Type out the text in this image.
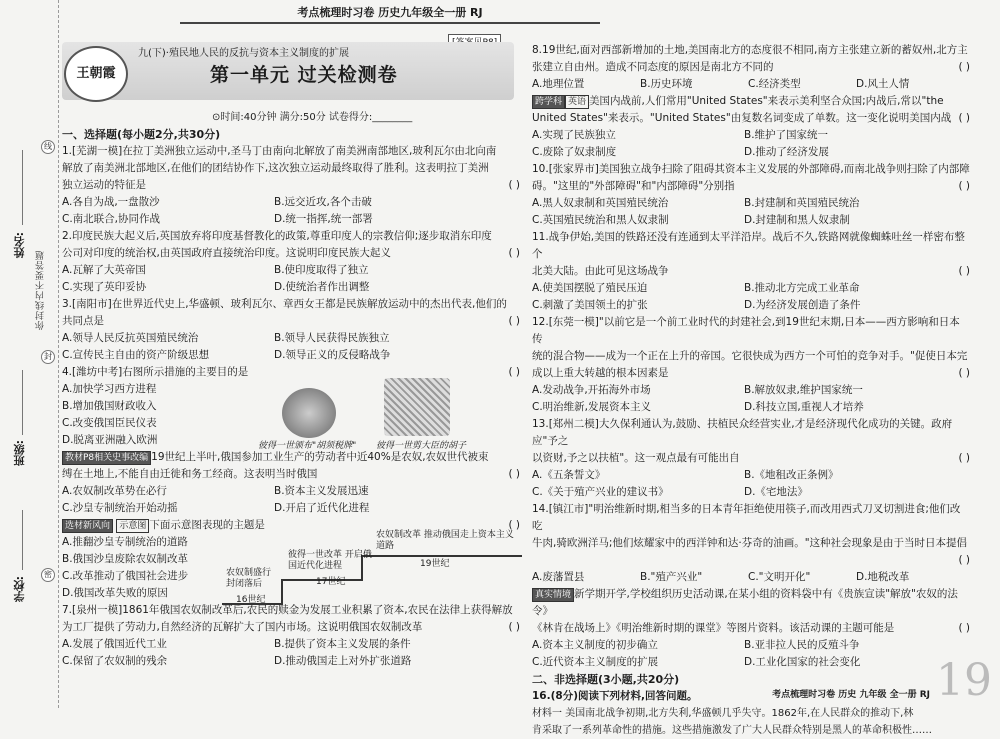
姓名:
班级:
学校:
你封线内不要答题
线
封
密
考点梳理时习卷 历史九年级全一册 RJ
王朝霞
九(下)·殖民地人民的反抗与资本主义制度的扩展
第一单元 过关检测卷
⊙时间:40分钟 满分:50分 试卷得分:________
一、选择题(每小题2分,共30分)
1.[芜湖一模]在拉丁美洲独立运动中,圣马丁由南向北解放了南美洲南部地区,玻利瓦尔由北向南
解放了南美洲北部地区,在他们的团结协作下,这次独立运动最终取得了胜利。这表明拉丁美洲
独立运动的特征是	( )
A.各自为战,一盘散沙	B.远交近攻,各个击破
C.南北联合,协同作战	D.统一指挥,统一部署
2.印度民族大起义后,英国放弃将印度基督教化的政策,尊重印度人的宗教信仰;逐步取消东印度
公司对印度的统治权,由英国政府直接统治印度。这说明印度民族大起义	( )
A.瓦解了大英帝国	B.使印度取得了独立
C.实现了英印妥协	D.使统治者作出调整
3.[南阳市]在世界近代史上,华盛顿、玻利瓦尔、章西女王都是民族解放运动中的杰出代表,他们的
共同点是	( )
A.领导人民反抗英国殖民统治	B.领导人民获得民族独立
C.宣传民主自由的资产阶级思想	D.领导正义的反侵略战争
4.[潍坊中考]右图所示措施的主要目的是	( )
A.加快学习西方进程
B.增加俄国财政收入
C.改变俄国臣民仪表
D.脱离亚洲融入欧洲
教材P8相关史事改编 19世纪上半叶,俄国参加工业生产的劳动者中近40%是农奴,农奴世代被束
缚在土地上,不能自由迁徙和务工经商。这表明当时俄国	( )
A.农奴制改革势在必行	B.资本主义发展迅速
C.沙皇专制统治开始动摇	D.开启了近代化进程
选材新风向 示意图 下面示意图表现的主题是	( )
A.推翻沙皇专制统治的道路
B.俄国沙皇废除农奴制改革
C.改革推动了俄国社会进步
D.俄国改革失败的原因
7.[泉州一模]1861年俄国农奴制改革后,农民的赎金为发展工业积累了资本,农民在法律上获得解放
为工厂提供了劳动力,自然经济的瓦解扩大了国内市场。这说明俄国农奴制改革	( )
A.发展了俄国近代工业	B.提供了资本主义发展的条件
C.保留了农奴制的残余	D.推动俄国走上对外扩张道路
彼得一世颁布"胡须税牌" 彼得一世剪大臣的胡子
农奴制盛行 封闭落后
16世纪
彼得一世改革 开启俄国近代化进程
17世纪
农奴制改革 推动俄国走上资本主义道路
19世纪
8.19世纪,面对西部新增加的土地,美国南北方的态度很不相同,南方主张建立新的蓄奴州,北方主
张建立自由州。造成不同态度的原因是南北方不同的	( )
A.地理位置	B.历史环境	C.经济类型	D.风土人情
跨学科 英语 美国内战前,人们常用"United States"来表示美利坚合众国;内战后,常以"the
United States"来表示。"United States"由复数名词变成了单数。这一变化说明美国内战 ( )
A.实现了民族独立	B.维护了国家统一
C.废除了奴隶制度	D.推动了经济发展
10.[张家界市]美国独立战争扫除了阻碍其资本主义发展的外部障碍,而南北战争则扫除了内部障
碍。"这里的"外部障碍"和"内部障碍"分别指	( )
A.黑人奴隶制和英国殖民统治	B.封建制和英国殖民统治
C.英国殖民统治和黑人奴隶制	D.封建制和黑人奴隶制
11.战争伊始,美国的铁路还没有连通到太平洋沿岸。战后不久,铁路网就像蜘蛛吐丝一样密布整个
北美大陆。由此可见这场战争	( )
A.使美国摆脱了殖民压迫	B.推动北方完成工业革命
C.刺激了美国领土的扩张	D.为经济发展创造了条件
12.[东莞一模]"以前它是一个前工业时代的封建社会,到19世纪末期,日本——西方影响和日本传
统的混合物——成为一个正在上升的帝国。它很快成为西方一个可怕的竞争对手。"促使日本完
成以上重大转越的根本因素是	( )
A.发动战争,开拓海外市场	B.解放奴隶,维护国家统一
C.明治维新,发展资本主义	D.科技立国,重视人才培养
13.[郑州二模]大久保利通认为,鼓励、扶植民众经营实业,才是经济现代化成功的关键。政府应"予之
以资财,予之以扶植"。这一观点最有可能出自	( )
A.《五条誓文》	B.《地租改正条例》
C.《关于殖产兴业的建议书》	D.《宅地法》
14.[镇江市]"明治维新时期,相当多的日本青年拒绝使用筷子,而改用西式刀叉切割进食;他们改吃
牛肉,骑欧洲洋马;他们炫耀家中的西洋钟和达·芬奇的油画。"这种社会现象是由于当时日本提倡
( )
A.废藩置县	B."殖产兴业"	C."文明开化"	D.地税改革
真实情境 新学期开学,学校组织历史活动课,在某小组的资料袋中有《贵族宣读"解放"农奴的法令》
《林肯在战场上》《明治维新时期的课堂》等图片资料。该活动课的主题可能是	( )
A.资本主义制度的初步确立	B.亚非拉人民的反殖斗争
C.近代资本主义制度的扩展	D.工业化国家的社会变化
二、非选择题(3小题,共20分)
16.(8分)阅读下列材料,回答问题。
材料一 美国南北战争初期,北方失利,华盛顿几乎失守。1862年,在人民群众的推动下,林
肯采取了一系列革命性的措施。这些措施激发了广大人民群众特别是黑人的革命积极性……
考点梳理时习卷 历史 九年级 全一册 RJ 19
